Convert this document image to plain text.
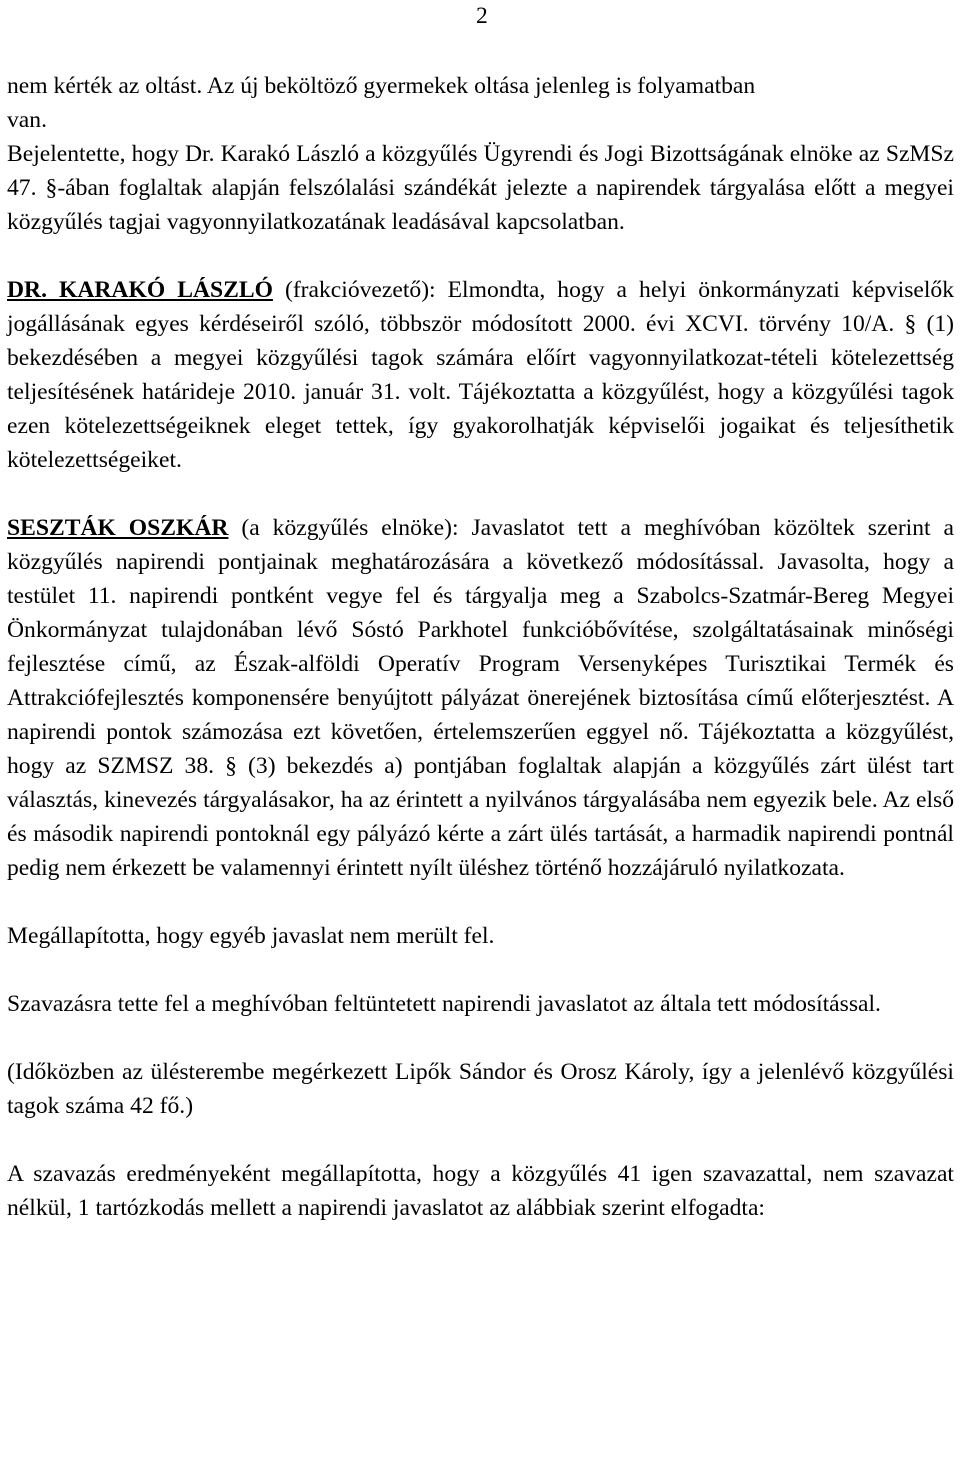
2

nem kérték az oltást. Az új beköltöző gyermekek oltása jelenleg is folyamatban

van.

Bejelentette, hogy Dr. Karakó László a közgyűlés Ügyrendi és Jogi Bizottságának elnöke az SzMSz 47. §-ában foglaltak alapján felszólalási szándékát jelezte a napirendek tárgyalása előtt a megyei közgyűlés tagjai vagyonnyilatkozatának leadásával kapcsolatban.

DR. KARAKÓ LÁSZLÓ (frakcióvezető): Elmondta, hogy a helyi önkormányzati képviselők jogállásának egyes kérdéseiről szóló, többször módosított 2000. évi XCVI. törvény 10/A. § (1) bekezdésében a megyei közgyűlési tagok számára előírt vagyonnyilatkozat-tételi kötelezettség teljesítésének határideje 2010. január 31. volt. Tájékoztatta a közgyűlést, hogy a közgyűlési tagok ezen kötelezettségeiknek eleget tettek, így gyakorolhatják képviselői jogaikat és teljesíthetik kötelezettségeiket.

SESZTÁK OSZKÁR (a közgyűlés elnöke): Javaslatot tett a meghívóban közöltek szerint a közgyűlés napirendi pontjainak meghatározására a következő módosítással. Javasolta, hogy a testület 11. napirendi pontként vegye fel és tárgyalja meg a Szabolcs-Szatmár-Bereg Megyei Önkormányzat tulajdonában lévő Sóstó Parkhotel funkcióbővítése, szolgáltatásainak minőségi fejlesztése című, az Észak-alföldi Operatív Program Versenyképes Turisztikai Termék és Attrakciófejlesztés komponensére benyújtott pályázat önerejének biztosítása című előterjesztést. A napirendi pontok számozása ezt követően, értelemszerűen eggyel nő. Tájékoztatta a közgyűlést, hogy az SZMSZ 38. § (3) bekezdés a) pontjában foglaltak alapján a közgyűlés zárt ülést tart választás, kinevezés tárgyalásakor, ha az érintett a nyilvános tárgyalásába nem egyezik bele. Az első és második napirendi pontoknál egy pályázó kérte a zárt ülés tartását, a harmadik napirendi pontnál pedig nem érkezett be valamennyi érintett nyílt üléshez történő hozzájáruló nyilatkozata.

Megállapította, hogy egyéb javaslat nem merült fel.

Szavazásra tette fel a meghívóban feltüntetett napirendi javaslatot az általa tett módosítással.

(Időközben az ülésterembe megérkezett Lipők Sándor és Orosz Károly, így a jelenlévő közgyűlési tagok száma 42 fő.)

A szavazás eredményeként megállapította, hogy a közgyűlés 41 igen szavazattal, nem szavazat nélkül, 1 tartózkodás mellett a napirendi javaslatot az alábbiak szerint elfogadta:
